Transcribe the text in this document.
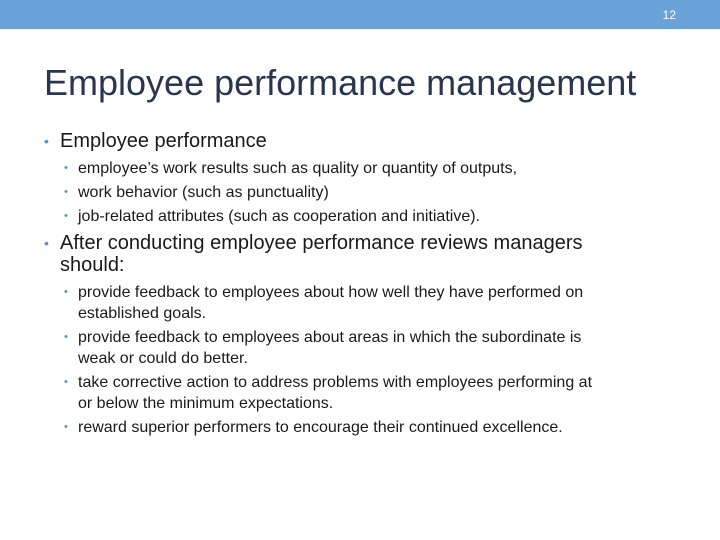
12
Employee performance management
• Employee performance
• employee’s work results such as quality or quantity of outputs,
• work behavior (such as punctuality)
• job-related attributes (such as cooperation and initiative).
• After conducting employee performance reviews managers should:
• provide feedback to employees about how well they have performed on established goals.
• provide feedback to employees about areas in which the subordinate is weak or could do better.
• take corrective action to address problems with employees performing at or below the minimum expectations.
• reward superior performers to encourage their continued excellence.
